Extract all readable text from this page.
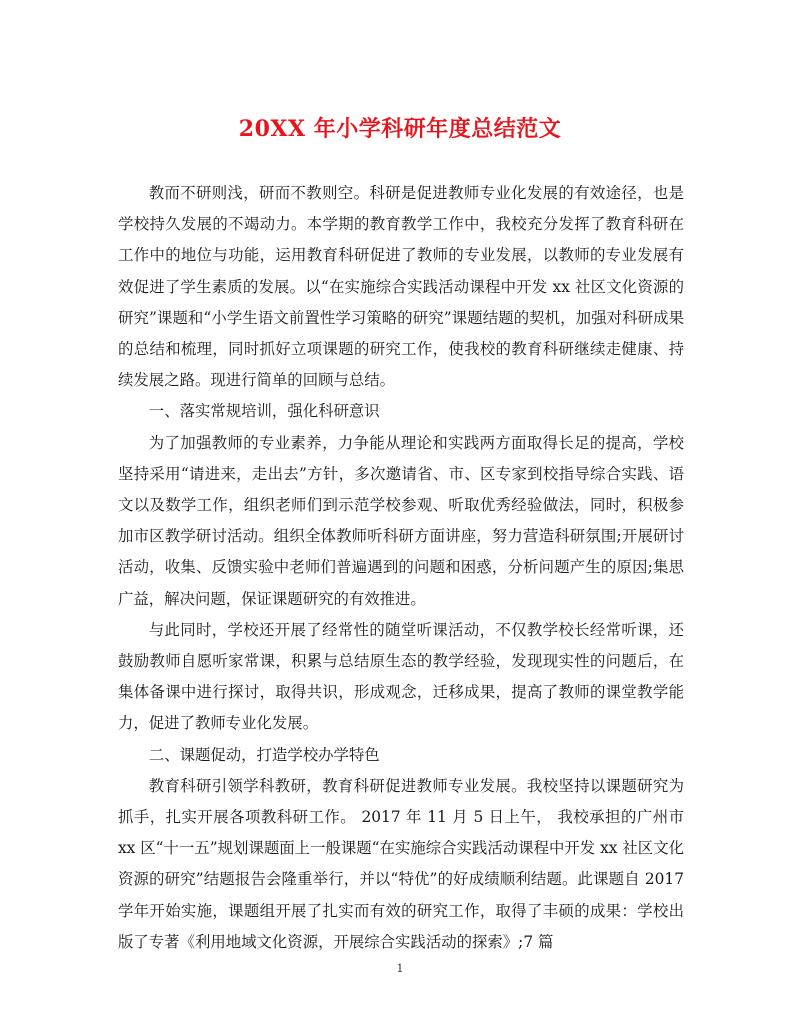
20XX 年小学科研年度总结范文

教而不研则浅，研而不教则空。科研是促进教师专业化发展的有效途径，也是学校持久发展的不竭动力。本学期的教育教学工作中，我校充分发挥了教育科研在工作中的地位与功能，运用教育科研促进了教师的专业发展，以教师的专业发展有效促进了学生素质的发展。以“在实施综合实践活动课程中开发 xx 社区文化资源的研究”课题和“小学生语文前置性学习策略的研究”课题结题的契机，加强对科研成果的总结和梳理，同时抓好立项课题的研究工作，使我校的教育科研继续走健康、持续发展之路。现进行简单的回顾与总结。

一、落实常规培训，强化科研意识

为了加强教师的专业素养，力争能从理论和实践两方面取得长足的提高，学校坚持采用“请进来，走出去”方针，多次邀请省、市、区专家到校指导综合实践、语文以及数学工作，组织老师们到示范学校参观、听取优秀经验做法，同时，积极参加市区教学研讨活动。组织全体教师听科研方面讲座，努力营造科研氛围;开展研讨活动，收集、反馈实验中老师们普遍遇到的问题和困惑，分析问题产生的原因;集思广益，解决问题，保证课题研究的有效推进。

与此同时，学校还开展了经常性的随堂听课活动，不仅教学校长经常听课，还鼓励教师自愿听家常课，积累与总结原生态的教学经验，发现现实性的问题后，在集体备课中进行探讨，取得共识，形成观念，迁移成果，提高了教师的课堂教学能力，促进了教师专业化发展。

二、课题促动，打造学校办学特色

教育科研引领学科教研，教育科研促进教师专业发展。我校坚持以课题研究为抓手，扎实开展各项教科研工作。 2017 年 11 月 5 日上午， 我校承担的广州市 xx 区“十一五”规划课题面上一般课题“在实施综合实践活动课程中开发 xx 社区文化资源的研究”结题报告会隆重举行，并以“特优”的好成绩顺利结题。此课题自 2017 学年开始实施，课题组开展了扎实而有效的研究工作，取得了丰硕的成果：学校出版了专著《利用地域文化资源，开展综合实践活动的探索》;7 篇

1
